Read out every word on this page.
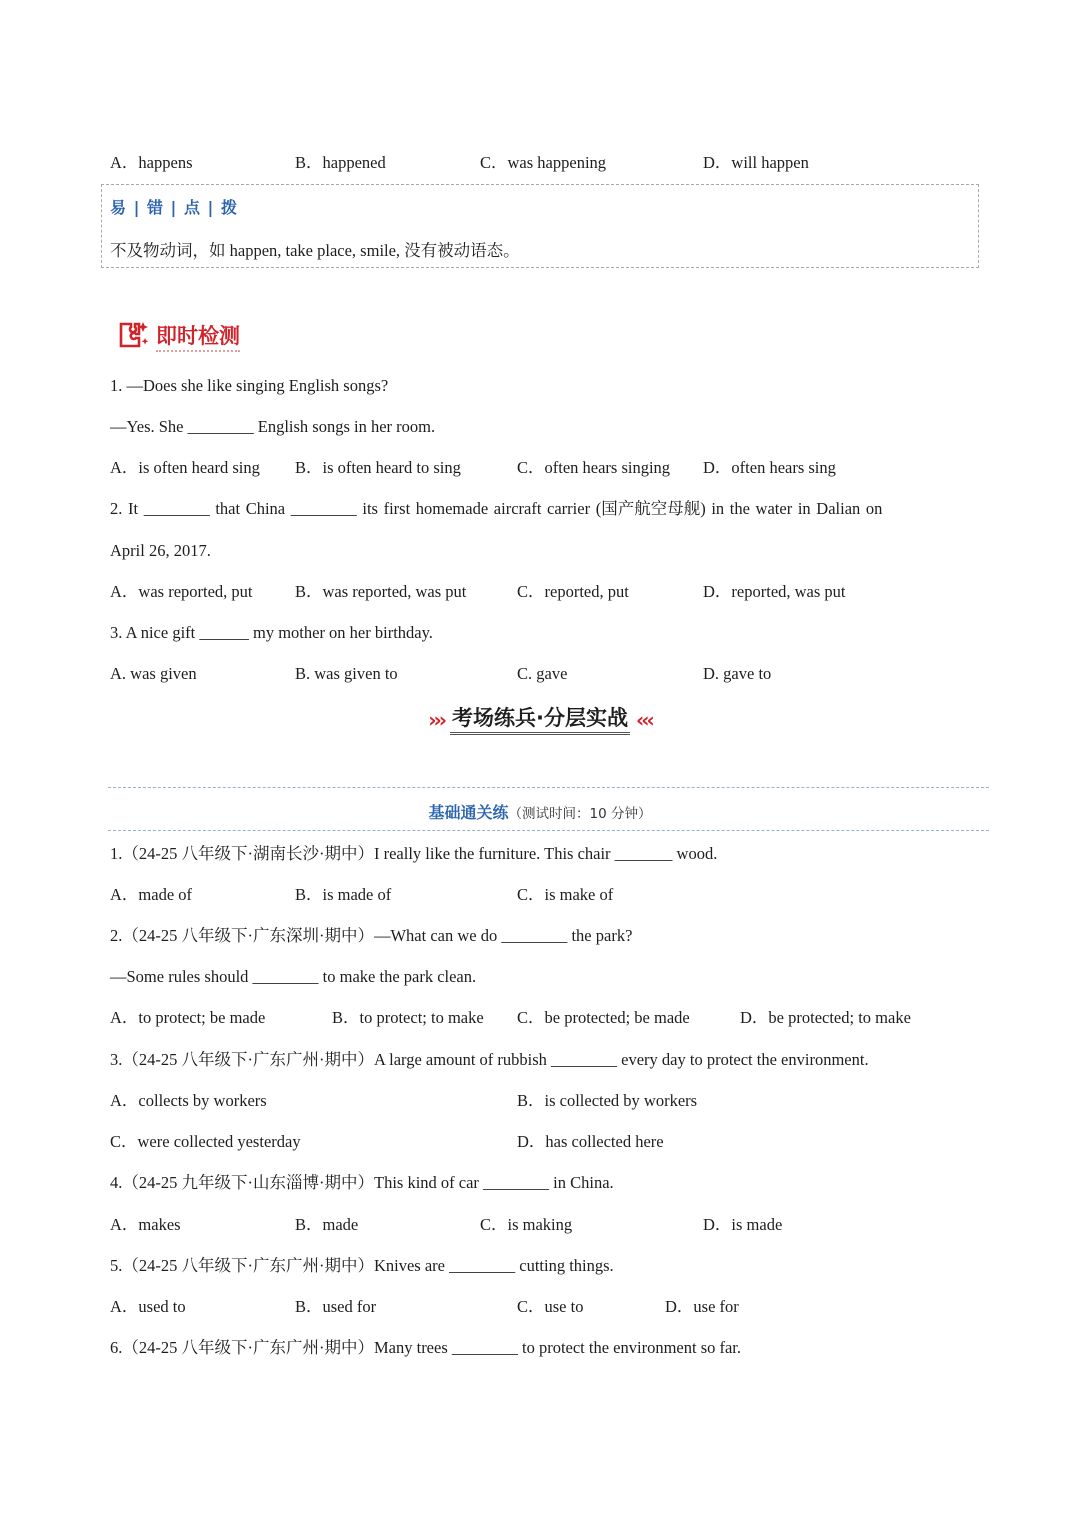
A．happens	B．happened	C．was happening	D．will happen
易 | 错 | 点 | 拨
不及物动词，如 happen, take place, smile, 没有被动语态。
即时检测
1. —Does she like singing English songs?
—Yes. She ________ English songs in her room.
A．is often heard sing B．is often heard to sing	C．often hears singing D．often hears sing
2. It ________ that China ________ its first homemade aircraft carrier (国产航空母舰) in the water in Dalian on
April 26, 2017.
A．was reported, put	B．was reported, was put	C．reported, put	D．reported, was put
3. A nice gift ______ my mother on her birthday.
A. was given	B. was given to	C. gave	D. gave to
››› 考场练兵·分层实战 ‹‹‹
基础通关练（测试时间：10 分钟）
1.（24-25 八年级下·湖南长沙·期中）I really like the furniture. This chair _______ wood.
A．made of	B．is made of	C．is make of
2.（24-25 八年级下·广东深圳·期中）—What can we do ________ the park?
—Some rules should ________ to make the park clean.
A．to protect; be made	B．to protect; to make C．be protected; be made	D．be protected; to make
3.（24-25 八年级下·广东广州·期中）A large amount of rubbish ________ every day to protect the environment.
A．collects by workers	B．is collected by workers
C．were collected yesterday	D．has collected here
4.（24-25 九年级下·山东淄博·期中）This kind of car ________ in China.
A．makes	B．made	C．is making	D．is made
5.（24-25 八年级下·广东广州·期中）Knives are ________ cutting things.
A．used to	B．used for	C．use to	D．use for
6.（24-25 八年级下·广东广州·期中）Many trees ________ to protect the environment so far.
